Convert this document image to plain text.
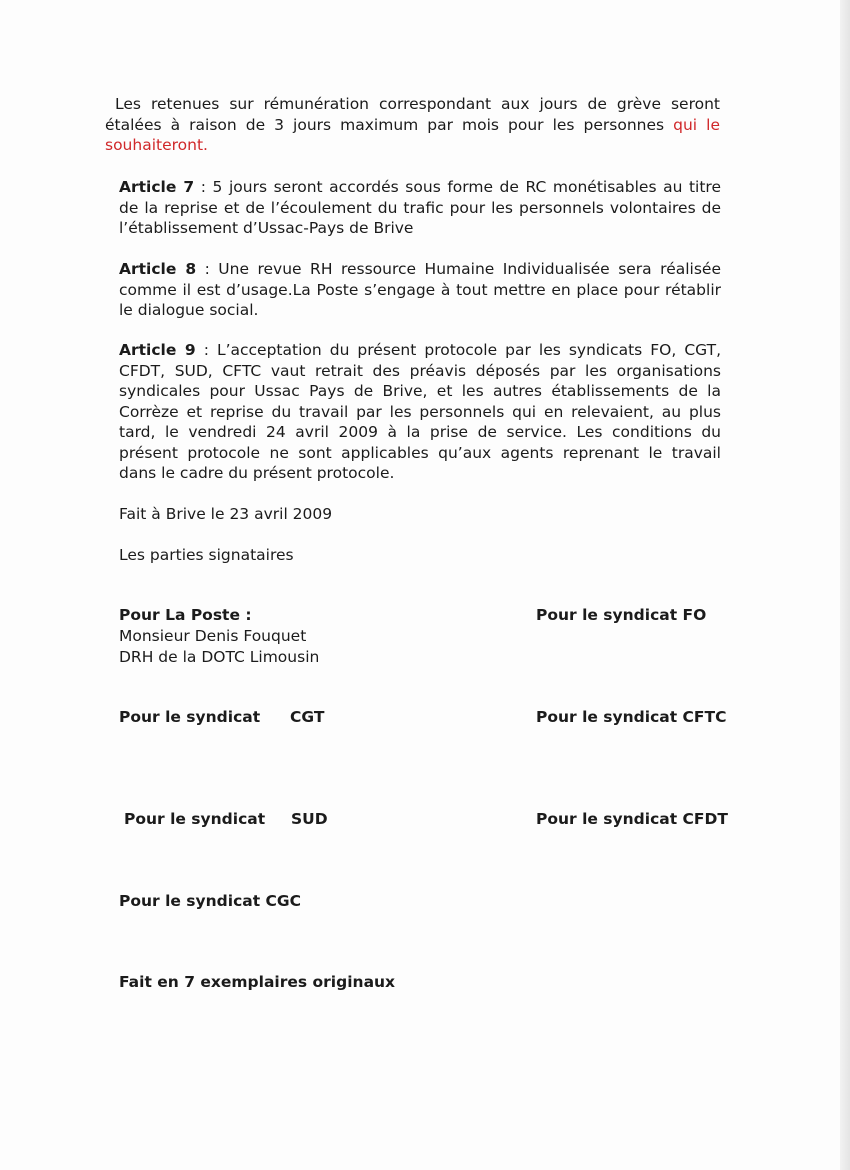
Les retenues sur rémunération correspondant aux jours de grève seront étalées à raison de 3 jours maximum par mois pour les personnes qui le souhaiteront.

Article 7 : 5 jours seront accordés sous forme de RC monétisables au titre de la reprise et de l’écoulement du trafic pour les personnels volontaires de l’établissement d’Ussac-Pays de Brive

Article 8 : Une revue RH ressource Humaine Individualisée sera réalisée comme il est d’usage.La Poste s’engage à tout mettre en place pour rétablir le dialogue social.

Article 9 : L’acceptation du présent protocole par les syndicats FO, CGT, CFDT, SUD, CFTC vaut retrait des préavis déposés par les organisations syndicales pour Ussac Pays de Brive, et les autres établissements de la Corrèze et reprise du travail par les personnels qui en relevaient, au plus tard, le vendredi 24 avril 2009 à la prise de service. Les conditions du présent protocole ne sont applicables qu’aux agents reprenant le travail dans le cadre du présent protocole.

Fait à Brive le 23 avril 2009

Les parties signataires

Pour La Poste :

Monsieur Denis Fouquet

DRH de la DOTC Limousin

Pour le syndicat FO

Pour le syndicat CGT	Pour le syndicat CFTC

Pour le syndicat SUD	Pour le syndicat CFDT

Pour le syndicat CGC

Fait en 7 exemplaires originaux
